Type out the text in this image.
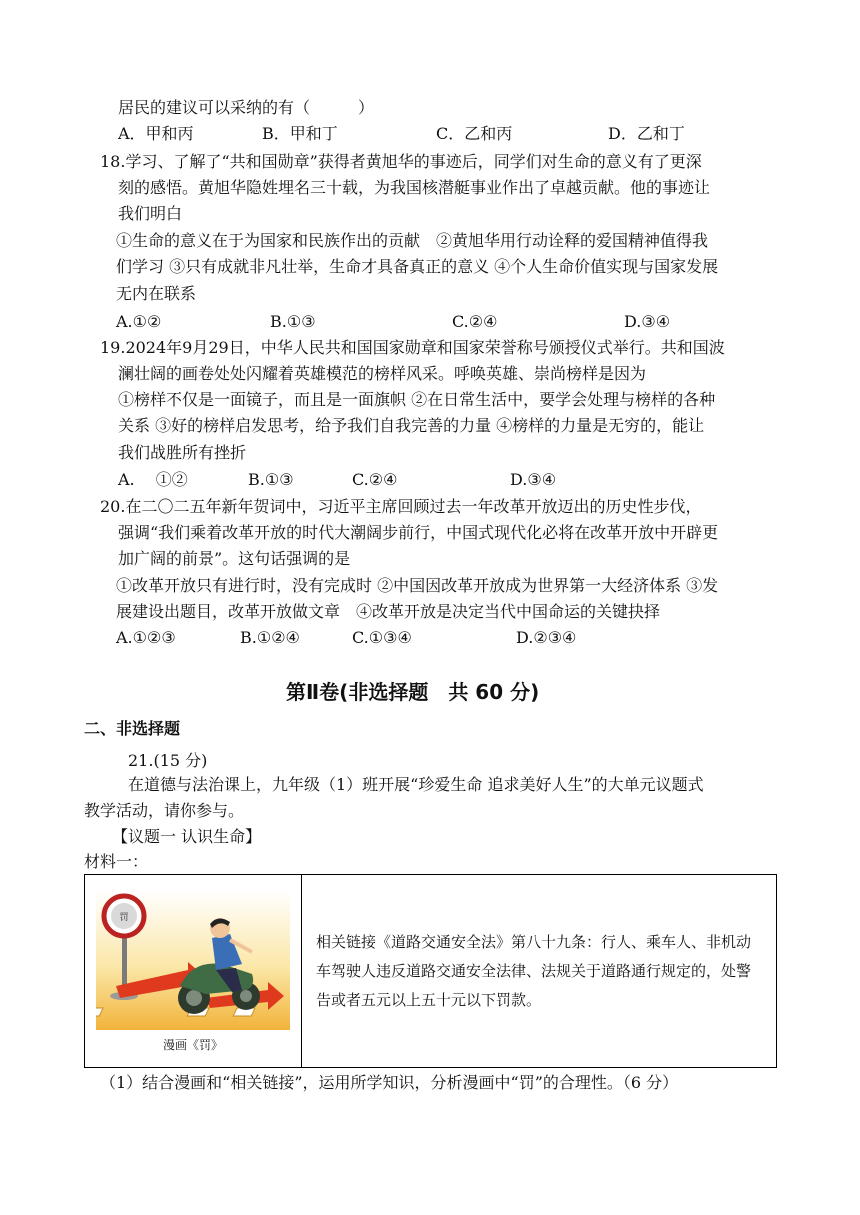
居民的建议可以采纳的有（　　　）
A．甲和丙	B．甲和丁	C．乙和丙	D．乙和丁
18.学习、了解了“共和国勋章”获得者黄旭华的事迹后，同学们对生命的意义有了更深
刻的感悟。黄旭华隐姓埋名三十载，为我国核潜艇事业作出了卓越贡献。他的事迹让
我们明白
①生命的意义在于为国家和民族作出的贡献　②黄旭华用行动诠释的爱国精神值得我
们学习 ③只有成就非凡壮举，生命才具备真正的意义 ④个人生命价值实现与国家发展
无内在联系
A.①②	B.①③	C.②④	D.③④
19.2024年9月29日，中华人民共和国国家勋章和国家荣誉称号颁授仪式举行。共和国波
澜壮阔的画卷处处闪耀着英雄模范的榜样风采。呼唤英雄、崇尚榜样是因为
①榜样不仅是一面镜子，而且是一面旗帜 ②在日常生活中，要学会处理与榜样的各种
关系 ③好的榜样启发思考，给予我们自我完善的力量 ④榜样的力量是无穷的，能让
我们战胜所有挫折
A.　 ①②	B.①③	C.②④	D.③④
20.在二〇二五年新年贺词中，习近平主席回顾过去一年改革开放迈出的历史性步伐，
强调“我们乘着改革开放的时代大潮阔步前行，中国式现代化必将在改革开放中开辟更
加广阔的前景”。这句话强调的是
①改革开放只有进行时，没有完成时 ②中国因改革开放成为世界第一大经济体系 ③发
展建设出题目，改革开放做文章　④改革开放是决定当代中国命运的关键抉择
A.①②③	B.①②④	C.①③④	D.②③④
第Ⅱ卷(非选择题　共 60 分)
二、非选择题
21.(15 分)
在道德与法治课上，九年级（1）班开展“珍爱生命 追求美好人生”的大单元议题式
教学活动，请你参与。
【议题一 认识生命】
材料一：
罚
漫画《罚》

相关链接《道路交通安全法》第八十九条：行人、乘车人、非机动车驾驶人违反道路交通安全法律、法规关于道路通行规定的，处警告或者五元以上五十元以下罚款。
（1）结合漫画和“相关链接”，运用所学知识，分析漫画中“罚”的合理性。（6 分）
